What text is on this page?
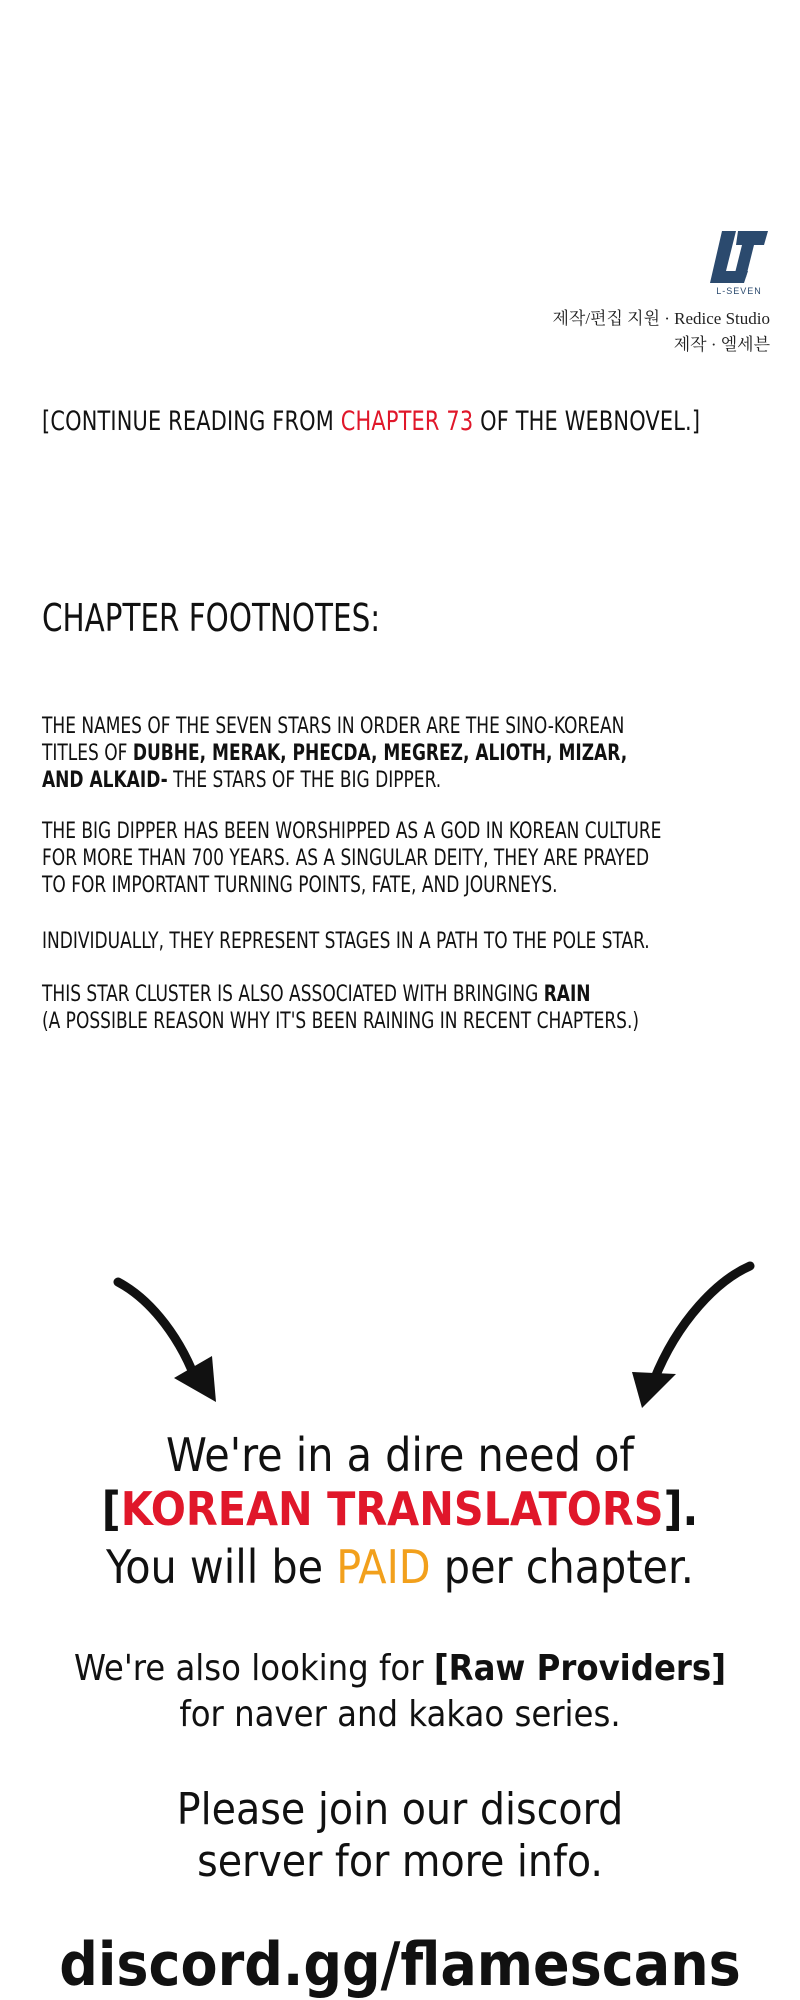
L-SEVEN
제작/편집 지원 · Redice Studio
제작 · 엘세븐
[CONTINUE READING FROM CHAPTER 73 OF THE WEBNOVEL.]
CHAPTER FOOTNOTES:
THE NAMES OF THE SEVEN STARS IN ORDER ARE THE SINO-KOREAN
TITLES OF DUBHE, MERAK, PHECDA, MEGREZ, ALIOTH, MIZAR,
AND ALKAID- THE STARS OF THE BIG DIPPER.
THE BIG DIPPER HAS BEEN WORSHIPPED AS A GOD IN KOREAN CULTURE
FOR MORE THAN 700 YEARS. AS A SINGULAR DEITY, THEY ARE PRAYED
TO FOR IMPORTANT TURNING POINTS, FATE, AND JOURNEYS.
INDIVIDUALLY, THEY REPRESENT STAGES IN A PATH TO THE POLE STAR.
THIS STAR CLUSTER IS ALSO ASSOCIATED WITH BRINGING RAIN
(A POSSIBLE REASON WHY IT'S BEEN RAINING IN RECENT CHAPTERS.)
We're in a dire need of
[KOREAN TRANSLATORS].
You will be PAID per chapter.
We're also looking for [Raw Providers]
for naver and kakao series.
Please join our discord
server for more info.
discord.gg/flamescans
